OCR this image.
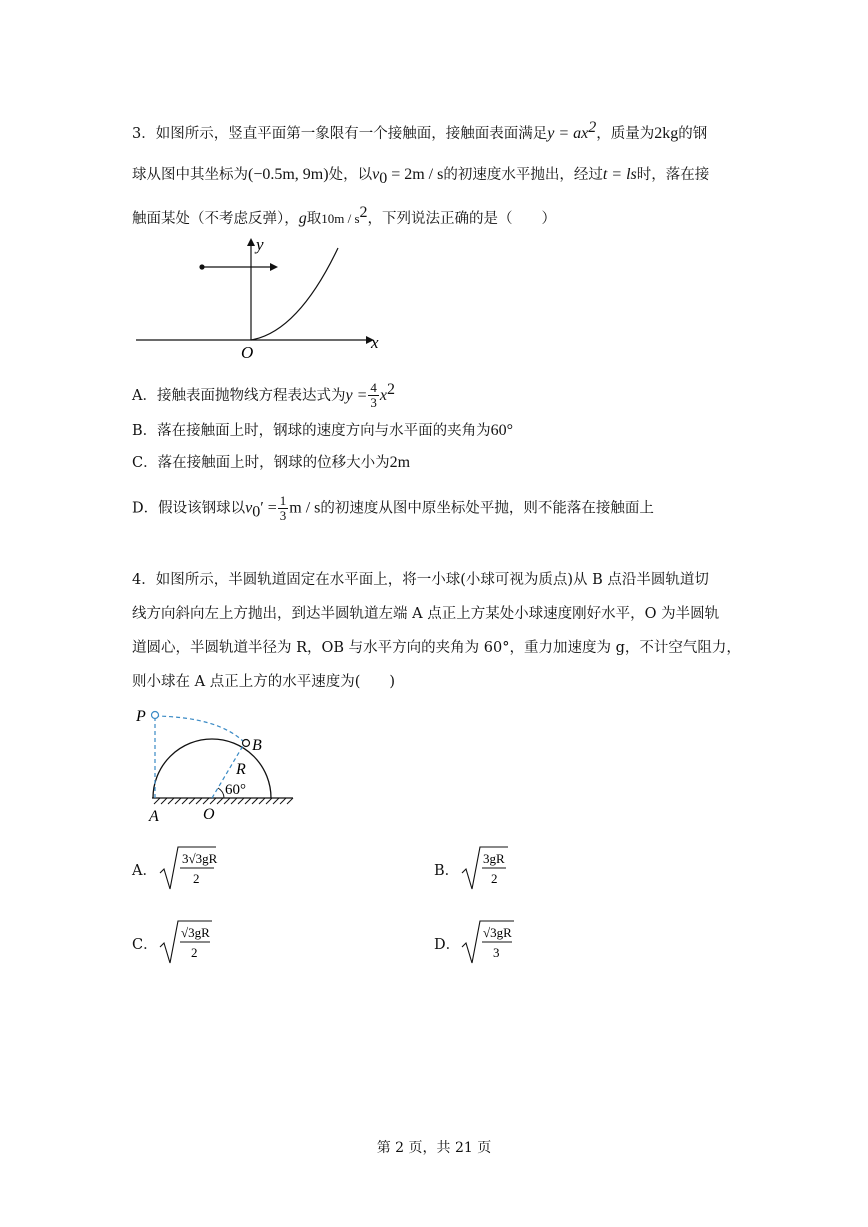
3．如图所示，竖直平面第一象限有一个接触面，接触面表面满足$y = ax^2$，质量为2kg的钢
球从图中其坐标为(−0.5m, 9m)处，以$v_0 = 2m / s$的初速度水平抛出，经过t = ls时，落在接
触面某处（不考虑反弹），g取$10m / s^2$，下列说法正确的是（　　）
y
x
O
A．接触表面抛物线方程表达式为$y = \frac{4}{3} x^2$
B．落在接触面上时，钢球的速度方向与水平面的夹角为60°
C．落在接触面上时，钢球的位移大小为2m
D．假设该钢球以$v_0' = \frac{1}{3}$ m / s的初速度从图中原坐标处平抛，则不能落在接触面上
4．如图所示，半圆轨道固定在水平面上，将一小球(小球可视为质点)从 B 点沿半圆轨道切
线方向斜向左上方抛出，到达半圆轨道左端 A 点正上方某处小球速度刚好水平，O 为半圆轨
道圆心，半圆轨道半径为 R，OB 与水平方向的夹角为 60°，重力加速度为 g，不计空气阻力，
则小球在 A 点正上方的水平速度为(　　)
P
B
R
60°
A	O
A．
3√3gR
2	B．
3gR
2
C．
√3gR
2	D．
√3gR
3
第 2 页，共 21 页
